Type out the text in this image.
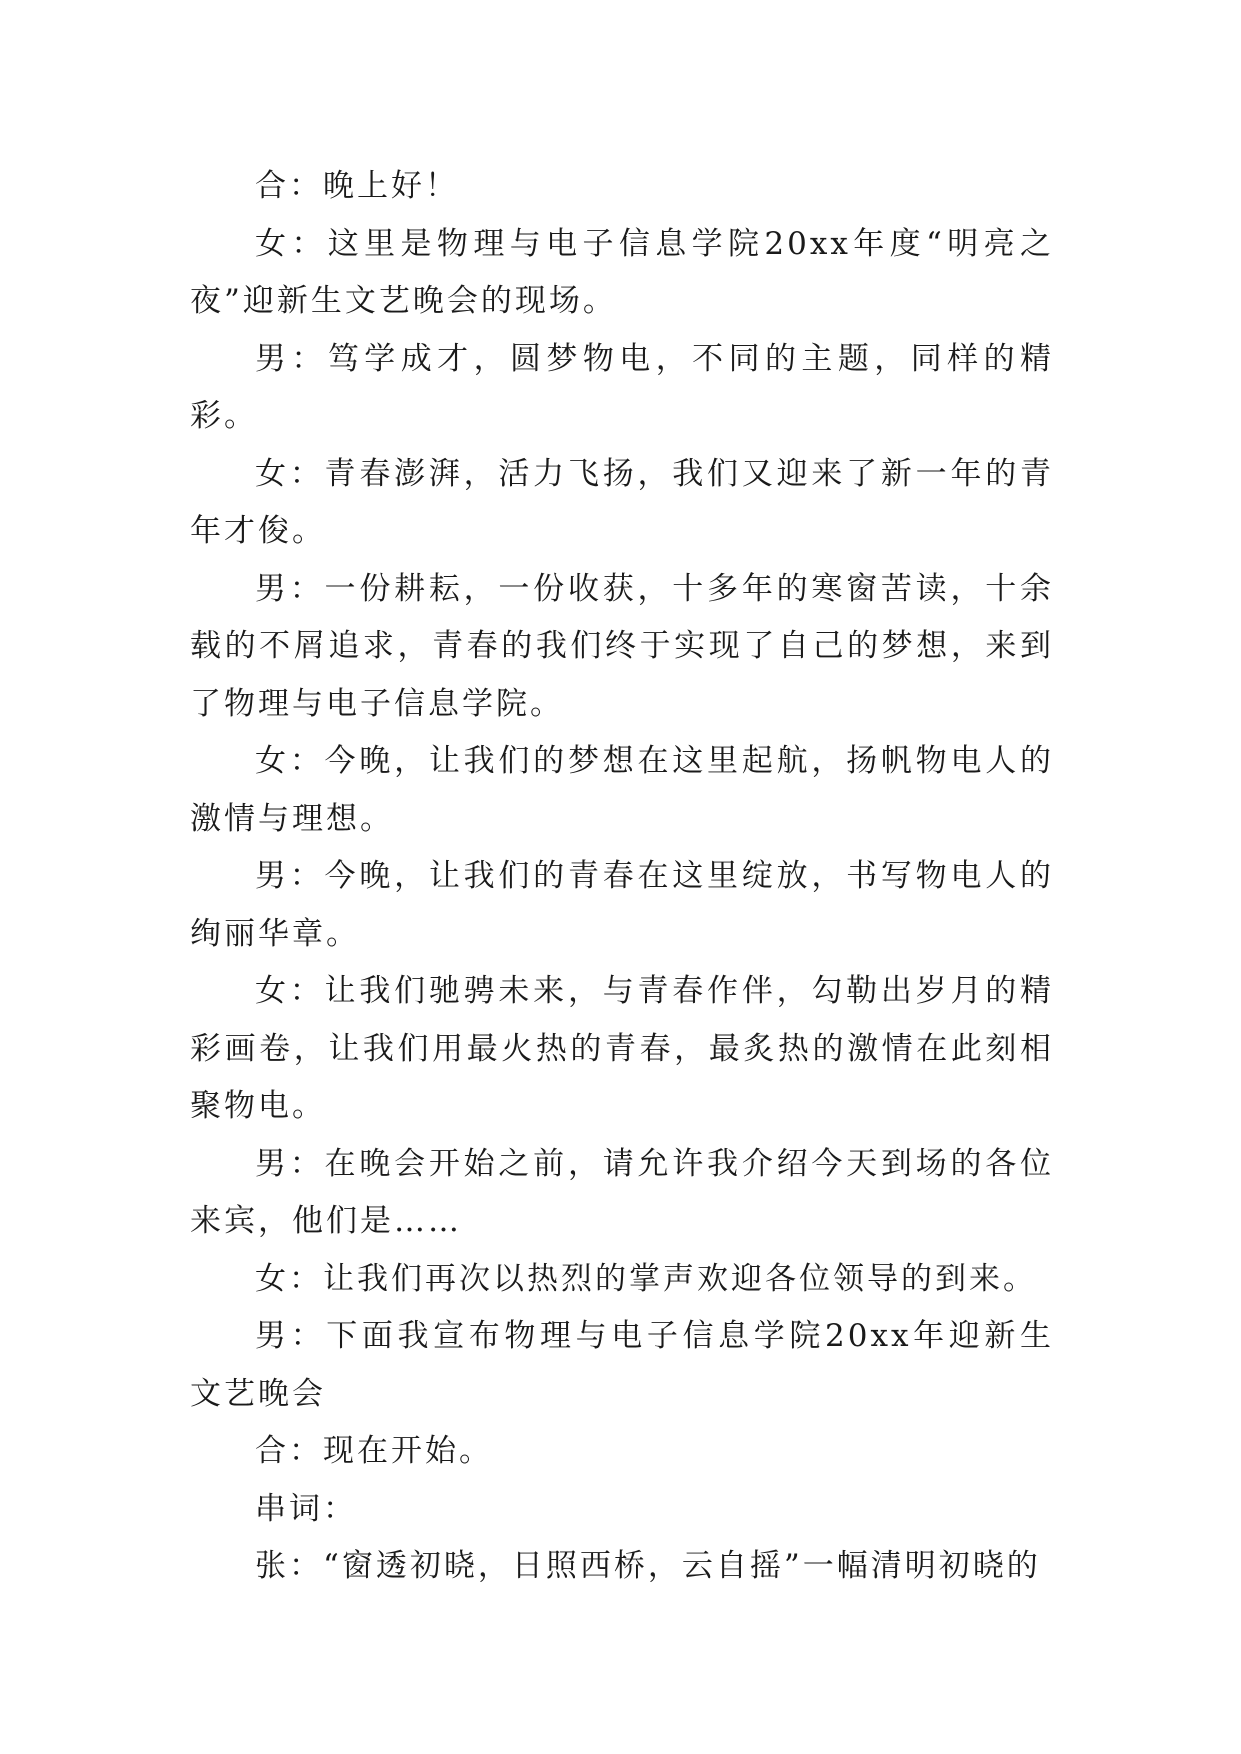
合：晚上好！

女：这里是物理与电子信息学院20xx年度“明亮之夜”迎新生文艺晚会的现场。

男：笃学成才，圆梦物电，不同的主题，同样的精彩。

女：青春澎湃，活力飞扬，我们又迎来了新一年的青年才俊。

男：一份耕耘，一份收获，十多年的寒窗苦读，十余载的不屑追求，青春的我们终于实现了自己的梦想，来到了物理与电子信息学院。

女：今晚，让我们的梦想在这里起航，扬帆物电人的激情与理想。

男：今晚，让我们的青春在这里绽放，书写物电人的绚丽华章。

女：让我们驰骋未来，与青春作伴，勾勒出岁月的精彩画卷，让我们用最火热的青春，最炙热的激情在此刻相聚物电。

男：在晚会开始之前，请允许我介绍今天到场的各位来宾，他们是……

女：让我们再次以热烈的掌声欢迎各位领导的到来。

男：下面我宣布物理与电子信息学院20xx年迎新生文艺晚会

合：现在开始。

串词：

张：“窗透初晓，日照西桥，云自摇”一幅清明初晓的
